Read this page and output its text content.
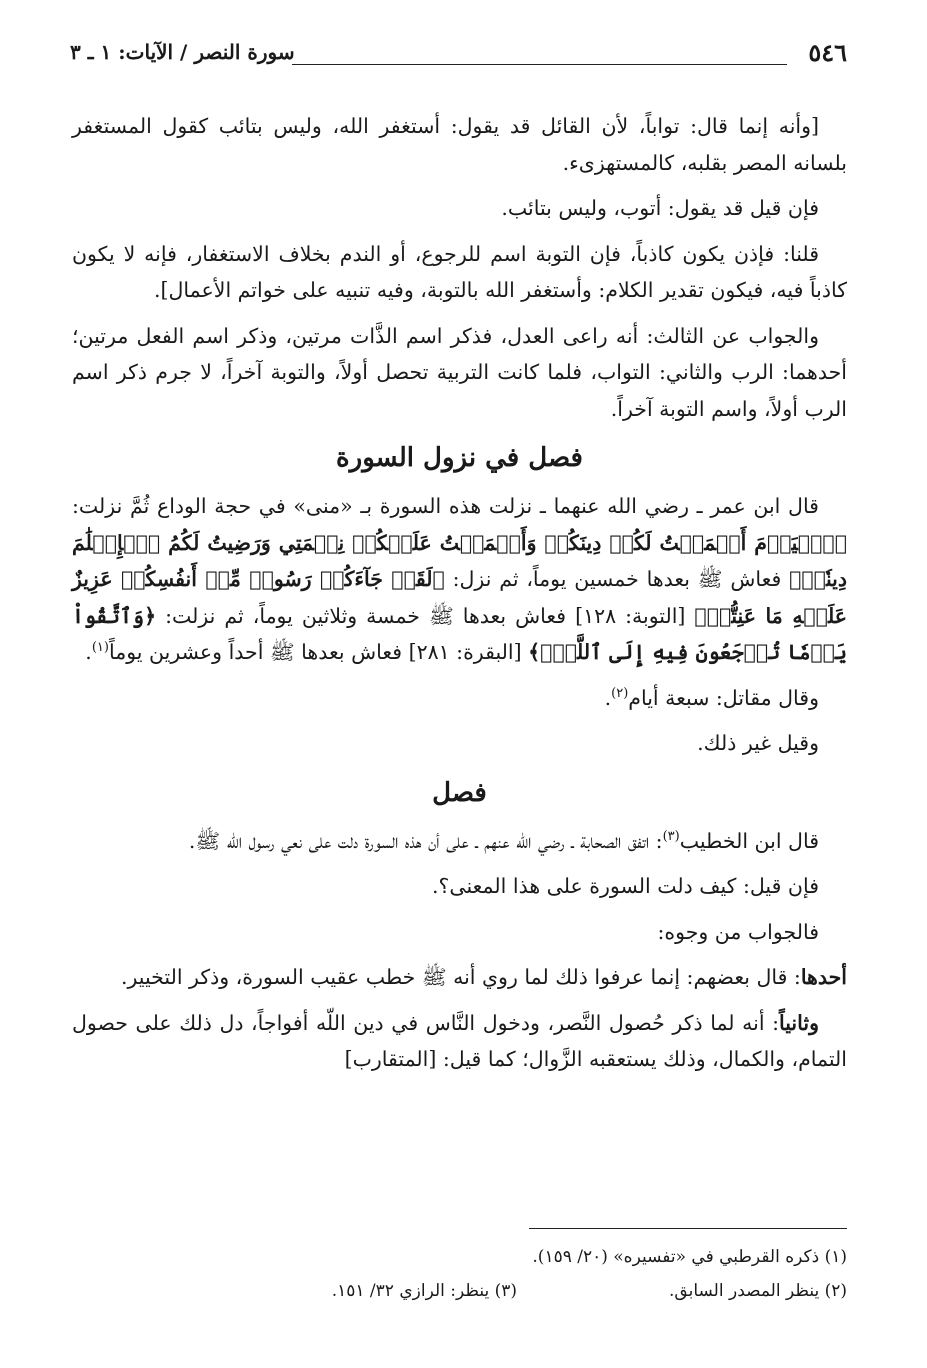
٥٤٦
سورة النصر / الآيات: ١ ـ ٣

[وأنه إنما قال: تواباً، لأن القائل قد يقول: أستغفر الله، وليس بتائب كقول المستغفر بلسانه المصر بقلبه، كالمستهزىء.

فإن قيل قد يقول: أتوب، وليس بتائب.

قلنا: فإذن يكون كاذباً، فإن التوبة اسم للرجوع، أو الندم بخلاف الاستغفار، فإنه لا يكون كاذباً فيه، فيكون تقدير الكلام: وأستغفر الله بالتوبة، وفيه تنبيه على خواتم الأعمال].

والجواب عن الثالث: أنه راعى العدل، فذكر اسم الذَّات مرتين، وذكر اسم الفعل مرتين؛ أحدهما: الرب والثاني: التواب، فلما كانت التربية تحصل أولاً، والتوبة آخراً، لا جرم ذكر اسم الرب أولاً، واسم التوبة آخراً.

فصل في نزول السورة

قال ابن عمر ـ رضي الله عنهما ـ نزلت هذه السورة بـ «منى» في حجة الوداع ثُمَّ نزلت: ﴿ٱلۡيَوۡمَ أَكۡمَلۡتُ لَكُمۡ دِينَكُمۡ وَأَتۡمَمۡتُ عَلَيۡكُمۡ نِعۡمَتِي وَرَضِيتُ لَكُمُ ٱلۡإِسۡلَٰمَ دِينٗاۚ﴾ فعاش ﷺ بعدها خمسين يوماً، ثم نزل: ﴿لَقَدۡ جَآءَكُمۡ رَسُولٞ مِّنۡ أَنفُسِكُمۡ عَزِيزٌ عَلَيۡهِ مَا عَنِتُّمۡ﴾ [التوبة: ١٢٨] فعاش بعدها ﷺ خمسة وثلاثين يوماً، ثم نزلت: ﴿وَٱتَّقُواْ يَوۡمٗا تُرۡجَعُونَ فِيهِ إِلَى ٱللَّهِۖ﴾ [البقرة: ٢٨١] فعاش بعدها ﷺ أحداً وعشرين يوماً$^{(١)}$.

وقال مقاتل: سبعة أيام$^{(٢)}$.

وقيل غير ذلك.

فصل

قال ابن الخطيب$^{(٣)}$: اتفق الصحابة ـ رضي الله عنهم ـ على أن هذه السورة دلت على نعي رسول الله ﷺ.

فإن قيل: كيف دلت السورة على هذا المعنى؟.

فالجواب من وجوه:

أحدها: قال بعضهم: إنما عرفوا ذلك لما روي أنه ﷺ خطب عقيب السورة، وذكر التخيير.

وثانياً: أنه لما ذكر حُصول النَّصر، ودخول النَّاس في دين اللّه أفواجاً، دل ذلك على حصول التمام، والكمال، وذلك يستعقبه الزَّوال؛ كما قيل: [المتقارب]

(١) ذكره القرطبي في «تفسيره» (٢٠/ ١٥٩).
(٢) ينظر المصدر السابق.
(٣) ينظر: الرازي ٣٢/ ١٥١.
